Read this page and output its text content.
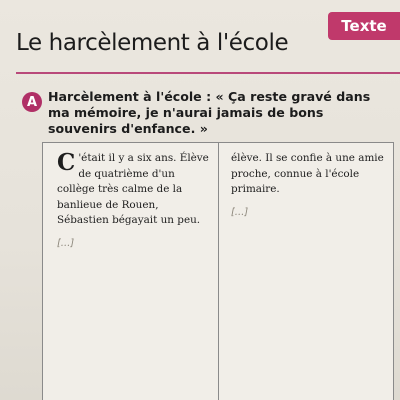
Texte
Le harcèlement à l'école
A Harcèlement à l'école : « Ça reste gravé dans ma mémoire, je n'aurai jamais de bons souvenirs d'enfance. »

C 'était il y a six ans. Élève de quatrième d'un collège très calme de la banlieue de Rouen, Sébastien bégayait un peu.

[…]

élève. Il se confie à une amie proche, connue à l'école primaire.

[…]
